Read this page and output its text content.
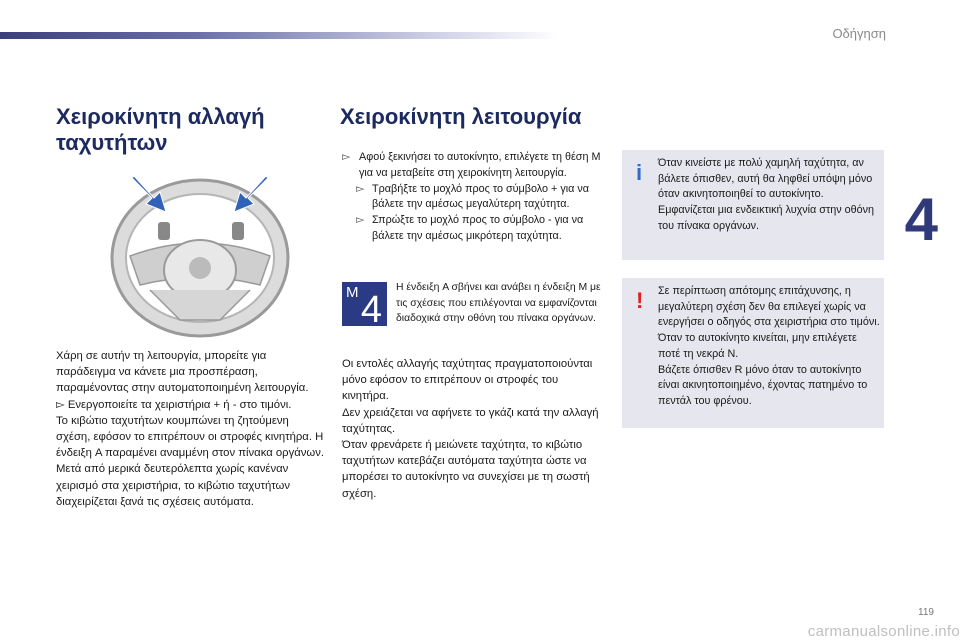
Οδήγηση
4
Χειροκίνητη αλλαγή ταχυτήτων
Χειροκίνητη λειτουργία
Χάρη σε αυτήν τη λειτουργία, μπορείτε για παράδειγμα να κάνετε μια προσπέραση, παραμένοντας στην αυτοματοποιημένη λειτουργία.
▻ Ενεργοποιείτε τα χειριστήρια + ή - στο τιμόνι.
Το κιβώτιο ταχυτήτων κουμπώνει τη ζητούμενη σχέση, εφόσον το επιτρέπουν οι στροφές κινητήρα. Η ένδειξη A παραμένει αναμμένη στον πίνακα οργάνων.
Μετά από μερικά δευτερόλεπτα χωρίς κανέναν χειρισμό στα χειριστήρια, το κιβώτιο ταχυτήτων διαχειρίζεται ξανά τις σχέσεις αυτόματα.
▻ Αφού ξεκινήσει το αυτοκίνητο, επιλέγετε τη θέση M για να μεταβείτε στη χειροκίνητη λειτουργία.
▻ Τραβήξτε το μοχλό προς το σύμβολο + για να βάλετε την αμέσως μεγαλύτερη ταχύτητα.
▻ Σπρώξτε το μοχλό προς το σύμβολο - για να βάλετε την αμέσως μικρότερη ταχύτητα.
M 4
Η ένδειξη A σβήνει και ανάβει η ένδειξη M με τις σχέσεις που επιλέγονται να εμφανίζονται διαδοχικά στην οθόνη του πίνακα οργάνων.
Οι εντολές αλλαγής ταχύτητας πραγματοποιούνται μόνο εφόσον το επιτρέπουν οι στροφές του κινητήρα.
Δεν χρειάζεται να αφήνετε το γκάζι κατά την αλλαγή ταχύτητας.
Όταν φρενάρετε ή μειώνετε ταχύτητα, το κιβώτιο ταχυτήτων κατεβάζει αυτόματα ταχύτητα ώστε να μπορέσει το αυτοκίνητο να συνεχίσει με τη σωστή σχέση.
i Όταν κινείστε με πολύ χαμηλή ταχύτητα, αν βάλετε όπισθεν, αυτή θα ληφθεί υπόψη μόνο όταν ακινητοποιηθεί το αυτοκίνητο.
Εμφανίζεται μια ενδεικτική λυχνία στην οθόνη του πίνακα οργάνων.
! Σε περίπτωση απότομης επιτάχυνσης, η μεγαλύτερη σχέση δεν θα επιλεγεί χωρίς να ενεργήσει ο οδηγός στα χειριστήρια στο τιμόνι.
Όταν το αυτοκίνητο κινείται, μην επιλέγετε ποτέ τη νεκρά N.
Βάζετε όπισθεν R μόνο όταν το αυτοκίνητο είναι ακινητοποιημένο, έχοντας πατημένο το πεντάλ του φρένου.
119
carmanualsonline.info
